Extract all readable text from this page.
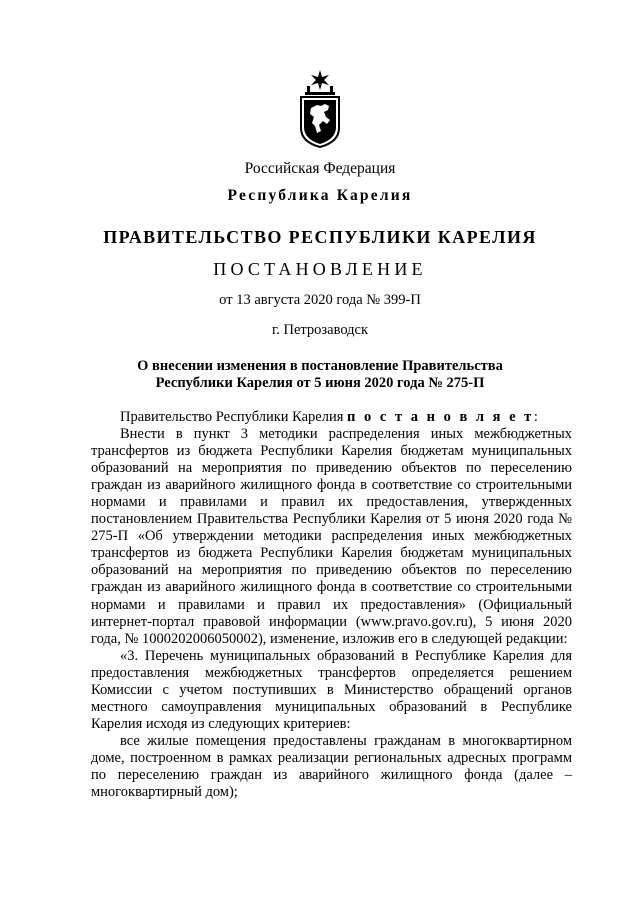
Российская Федерация
Республика Карелия
ПРАВИТЕЛЬСТВО РЕСПУБЛИКИ КАРЕЛИЯ
ПОСТАНОВЛЕНИЕ
от 13 августа 2020 года № 399-П
г. Петрозаводск
О внесении изменения в постановление Правительства
Республики Карелия от 5 июня 2020 года № 275-П

Правительство Республики Карелия п о с т а н о в л я е т:

Внести в пункт 3 методики распределения иных межбюджетных трансфертов из бюджета Республики Карелия бюджетам муниципальных образований на мероприятия по приведению объектов по переселению граждан из аварийного жилищного фонда в соответствие со строительными нормами и правилами и правил их предоставления, утвержденных постановлением Правительства Республики Карелия от 5 июня 2020 года № 275-П «Об утверждении методики распределения иных межбюджетных трансфертов из бюджета Республики Карелия бюджетам муниципальных образований на мероприятия по приведению объектов по переселению граждан из аварийного жилищного фонда в соответствие со строительными нормами и правилами и правил их предоставления» (Официальный интернет-портал правовой информации (www.pravo.gov.ru), 5 июня 2020 года, № 1000202006050002), изменение, изложив его в следующей редакции:

«3. Перечень муниципальных образований в Республике Карелия для предоставления межбюджетных трансфертов определяется решением Комиссии с учетом поступивших в Министерство обращений органов местного самоуправления муниципальных образований в Республике Карелия исходя из следующих критериев:

все жилые помещения предоставлены гражданам в многоквартирном доме, построенном в рамках реализации региональных адресных программ по переселению граждан из аварийного жилищного фонда (далее – многоквартирный дом);
